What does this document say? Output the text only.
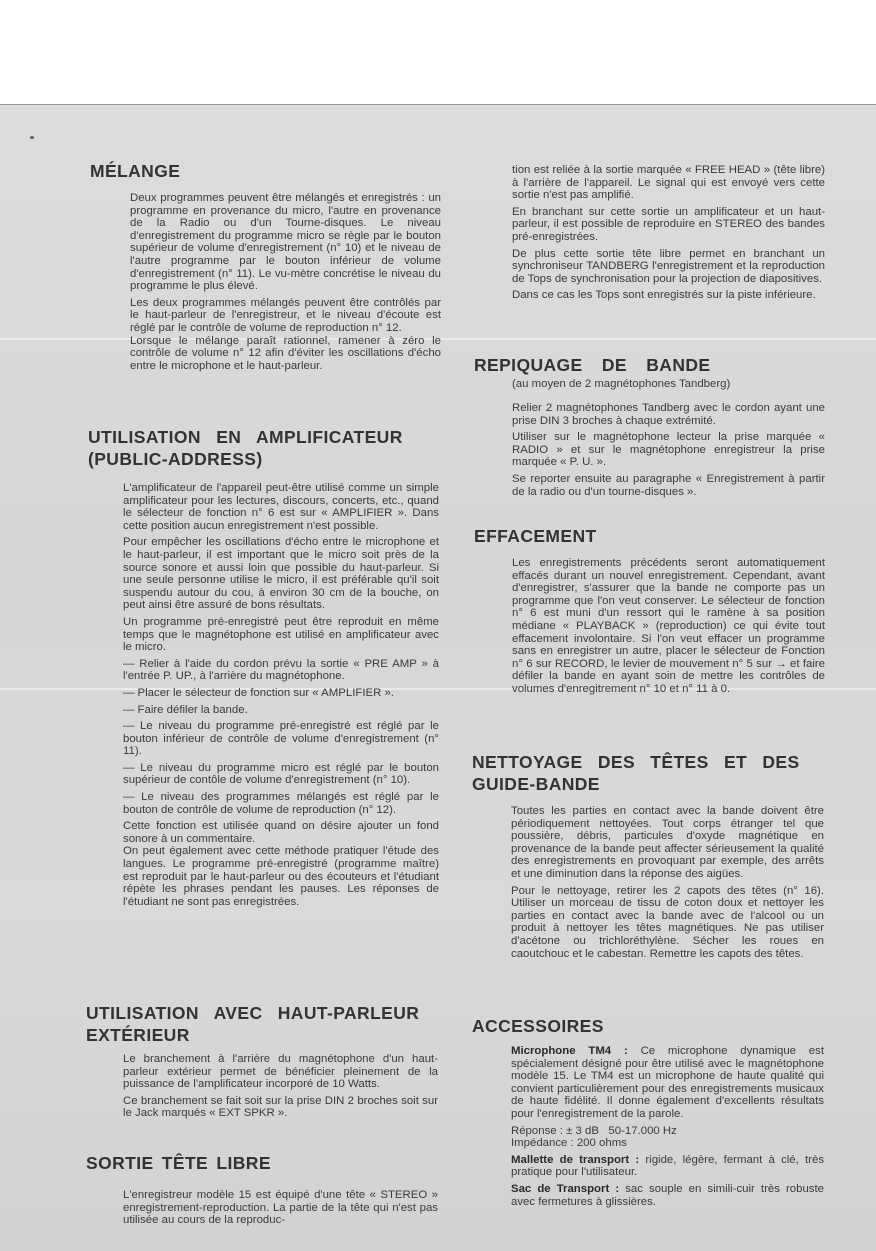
MÉLANGE

Deux programmes peuvent être mélangés et enregistrés : un programme en provenance du micro, l'autre en provenance de la Radio ou d'un Tourne-disques. Le niveau d'enregistrement du programme micro se règle par le bouton supérieur de volume d'enregistrement (n° 10) et le niveau de l'autre programme par le bouton inférieur de volume d'enregistrement (n° 11). Le vu-mètre concrétise le niveau du programme le plus élevé.

Les deux programmes mélangés peuvent être contrôlés par le haut-parleur de l'enregistreur, et le niveau d'écoute est réglé par le contrôle de volume de reproduction n° 12.

Lorsque le mélange paraît rationnel, ramener à zéro le contrôle de volume n° 12 afin d'éviter les oscillations d'écho entre le microphone et le haut-parleur.

UTILISATION EN AMPLIFICATEUR
(PUBLIC-ADDRESS)

L'amplificateur de l'appareil peut-être utilisé comme un simple amplificateur pour les lectures, discours, concerts, etc., quand le sélecteur de fonction n° 6 est sur « AMPLIFIER ». Dans cette position aucun enregistrement n'est possible.

Pour empêcher les oscillations d'écho entre le microphone et le haut-parleur, il est important que le micro soit près de la source sonore et aussi loin que possible du haut-parleur. Si une seule personne utilise le micro, il est préférable qu'il soit suspendu autour du cou, à environ 30 cm de la bouche, on peut ainsi être assuré de bons résultats.

Un programme pré-enregistré peut être reproduit en même temps que le magnétophone est utilisé en amplificateur avec le micro.

— Relier à l'aide du cordon prévu la sortie « PRE AMP » à l'entrée P. UP., à l'arrière du magnétophone.

— Placer le sélecteur de fonction sur « AMPLIFIER ».

— Faire défiler la bande.

— Le niveau du programme pré-enregistré est réglé par le bouton inférieur de contrôle de volume d'enregistrement (n° 11).

— Le niveau du programme micro est réglé par le bouton supérieur de contôle de volume d'enregistrement (n° 10).

— Le niveau des programmes mélangés est réglé par le bouton de contrôle de volume de reproduction (n° 12).

Cette fonction est utilisée quand on désire ajouter un fond sonore à un commentaire.

On peut également avec cette méthode pratiquer l'étude des langues. Le programme pré-enregistré (programme maître) est reproduit par le haut-parleur ou des écouteurs et l'étudiant répète les phrases pendant les pauses. Les réponses de l'étudiant ne sont pas enregistrées.

UTILISATION AVEC HAUT-PARLEUR
EXTÉRIEUR

Le branchement à l'arrière du magnétophone d'un haut-parleur extérieur permet de bénéficier pleinement de la puissance de l'amplificateur incorporé de 10 Watts.

Ce branchement se fait soit sur la prise DIN 2 broches soit sur le Jack marqués « EXT SPKR ».

SORTIE TÊTE LIBRE

L'enregistreur modèle 15 est équipé d'une tête « STEREO » enregistrement-reproduction. La partie de la tête qui n'est pas utilisée au cours de la reproduc-

tion est reliée à la sortie marquée « FREE HEAD » (tête libre) à l'arrière de l'appareil. Le signal qui est envoyé vers cette sortie n'est pas amplifié.

En branchant sur cette sortie un amplificateur et un haut-parleur, il est possible de reproduire en STEREO des bandes pré-enregistrées.

De plus cette sortie tête libre permet en branchant un synchroniseur TANDBERG l'enregistrement et la reproduction de Tops de synchronisation pour la projection de diapositives.

Dans ce cas les Tops sont enregistrés sur la piste inférieure.

REPIQUAGE DE BANDE
(au moyen de 2 magnétophones Tandberg)

Relier 2 magnétophones Tandberg avec le cordon ayant une prise DIN 3 broches à chaque extrémité.

Utiliser sur le magnétophone lecteur la prise marquée « RADIO » et sur le magnétophone enregistreur la prise marquée « P. U. ».

Se reporter ensuite au paragraphe « Enregistrement à partir de la radio ou d'un tourne-disques ».

EFFACEMENT

Les enregistrements précédents seront automatiquement effacés durant un nouvel enregistrement. Cependant, avant d'enregistrer, s'assurer que la bande ne comporte pas un programme que l'on veut conserver. Le sélecteur de fonction n° 6 est muni d'un ressort qui le ramène à sa position médiane « PLAYBACK » (reproduction) ce qui évite tout effacement involontaire. Si l'on veut effacer un programme sans en enregistrer un autre, placer le sélecteur de Fonction n° 6 sur RECORD, le levier de mouvement n° 5 sur → et faire défiler la bande en ayant soin de mettre les contrôles de volumes d'enregitrement n° 10 et n° 11 à 0.

NETTOYAGE DES TÊTES ET DES
GUIDE-BANDE

Toutes les parties en contact avec la bande doivent être périodiquement nettoyées. Tout corps étranger tel que poussière, débris, particules d'oxyde magnétique en provenance de la bande peut affecter sérieusement la qualité des enregistrements en provoquant par exemple, des arrêts et une diminution dans la réponse des aigües.

Pour le nettoyage, retirer les 2 capots des têtes (n° 16). Utiliser un morceau de tissu de coton doux et nettoyer les parties en contact avec la bande avec de l'alcool ou un produit à nettoyer les têtes magnétiques. Ne pas utiliser d'acétone ou trichloréthylène. Sécher les roues en caoutchouc et le cabestan. Remettre les capots des têtes.

ACCESSOIRES

Microphone TM4 : Ce microphone dynamique est spécialement désigné pour être utilisé avec le magnétophone modèle 15. Le TM4 est un microphone de haute qualité qui convient particulièrement pour des enregistrements musicaux de haute fidélité. Il donne également d'excellents résultats pour l'enregistrement de la parole.

Réponse : ± 3 dB   50-17.000 Hz

Impédance : 200 ohms

Mallette de transport : rigide, légère, fermant à clé, très pratique pour l'utilisateur.

Sac de Transport : sac souple en simili-cuir très robuste avec fermetures à glissières.
